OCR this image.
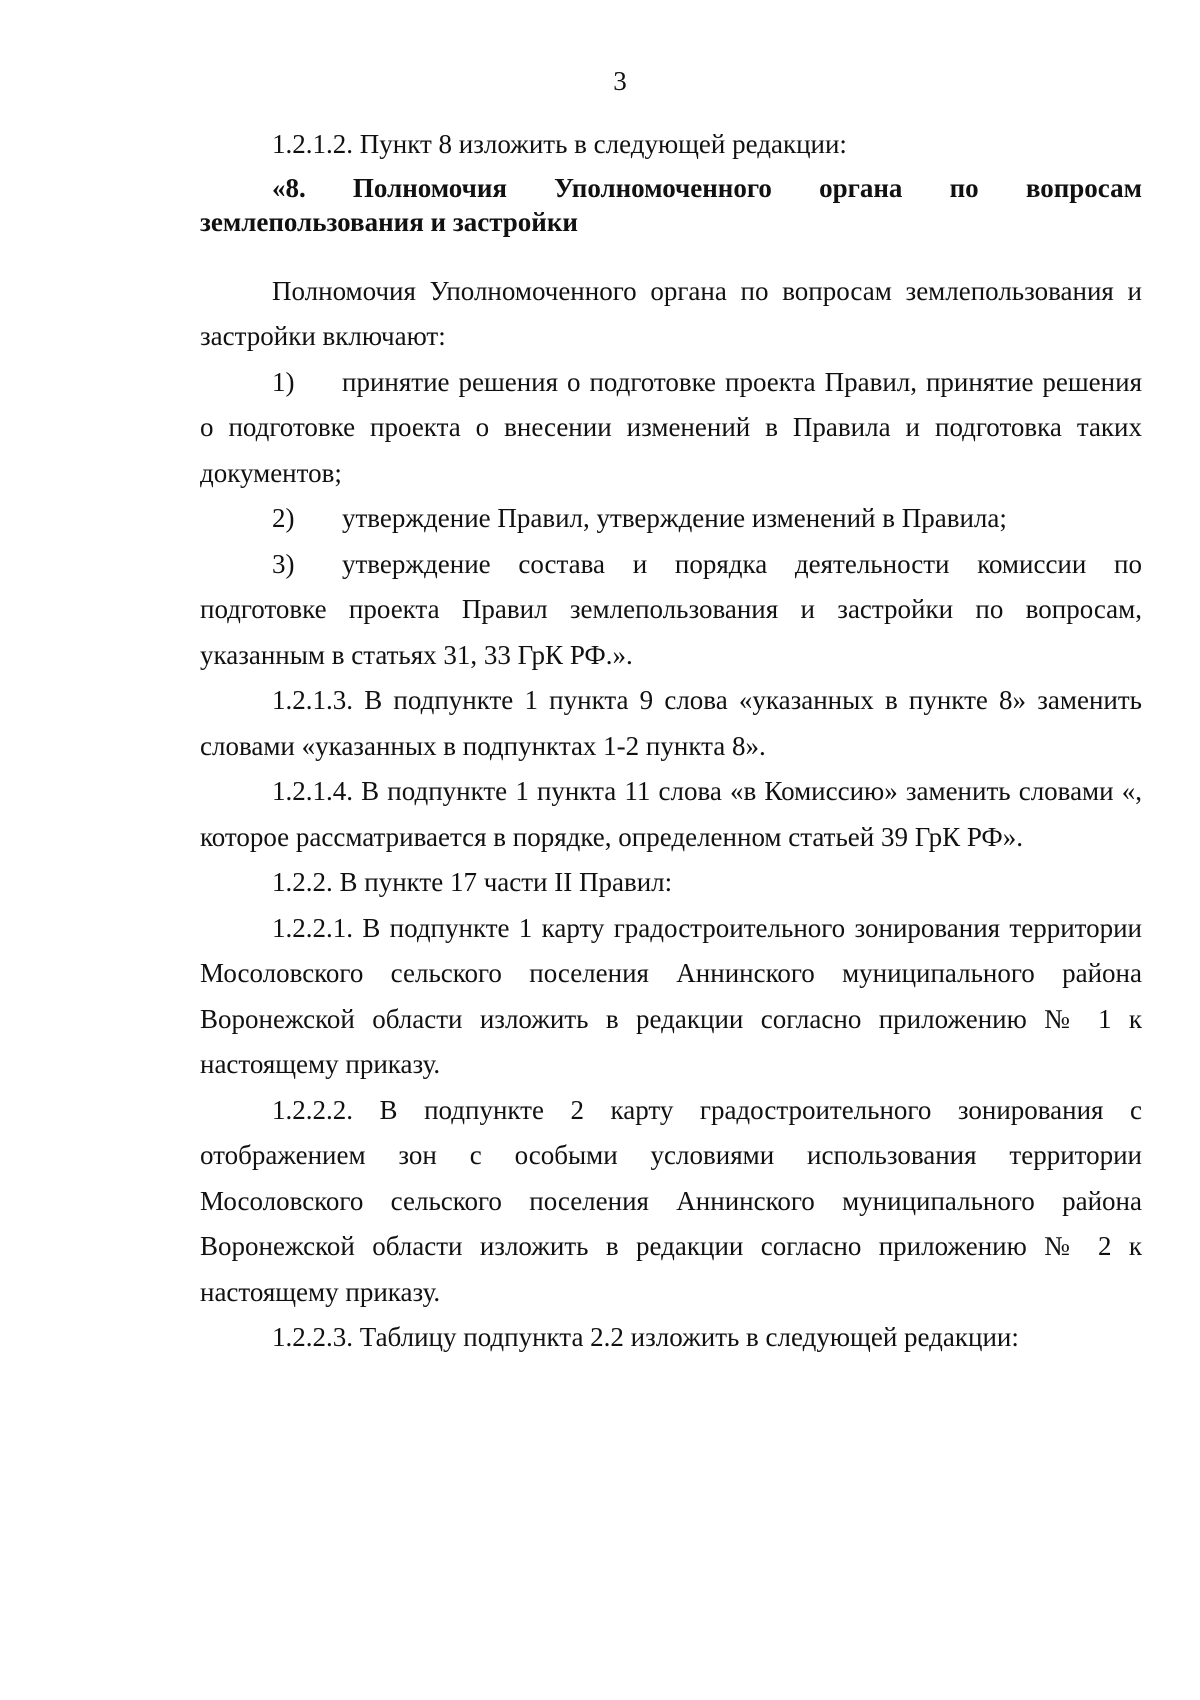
3

1.2.1.2. Пункт 8 изложить в следующей редакции:

«8. Полномочия Уполномоченного органа по вопросам землепользования и застройки

Полномочия Уполномоченного органа по вопросам землепользования и застройки включают:

1) принятие решения о подготовке проекта Правил, принятие решения о подготовке проекта о внесении изменений в Правила и подготовка таких документов;

2) утверждение Правил, утверждение изменений в Правила;

3) утверждение состава и порядка деятельности комиссии по подготовке проекта Правил землепользования и застройки по вопросам, указанным в статьях 31, 33 ГрК РФ.».

1.2.1.3. В подпункте 1 пункта 9 слова «указанных в пункте 8» заменить словами «указанных в подпунктах 1-2 пункта 8».

1.2.1.4. В подпункте 1 пункта 11 слова «в Комиссию» заменить словами «, которое рассматривается в порядке, определенном статьей 39 ГрК РФ».

1.2.2. В пункте 17 части II Правил:

1.2.2.1. В подпункте 1 карту градостроительного зонирования территории Мосоловского сельского поселения Аннинского муниципального района Воронежской области изложить в редакции согласно приложению № 1 к настоящему приказу.

1.2.2.2. В подпункте 2 карту градостроительного зонирования с отображением зон с особыми условиями использования территории Мосоловского сельского поселения Аннинского муниципального района Воронежской области изложить в редакции согласно приложению № 2 к настоящему приказу.

1.2.2.3. Таблицу подпункта 2.2 изложить в следующей редакции:
